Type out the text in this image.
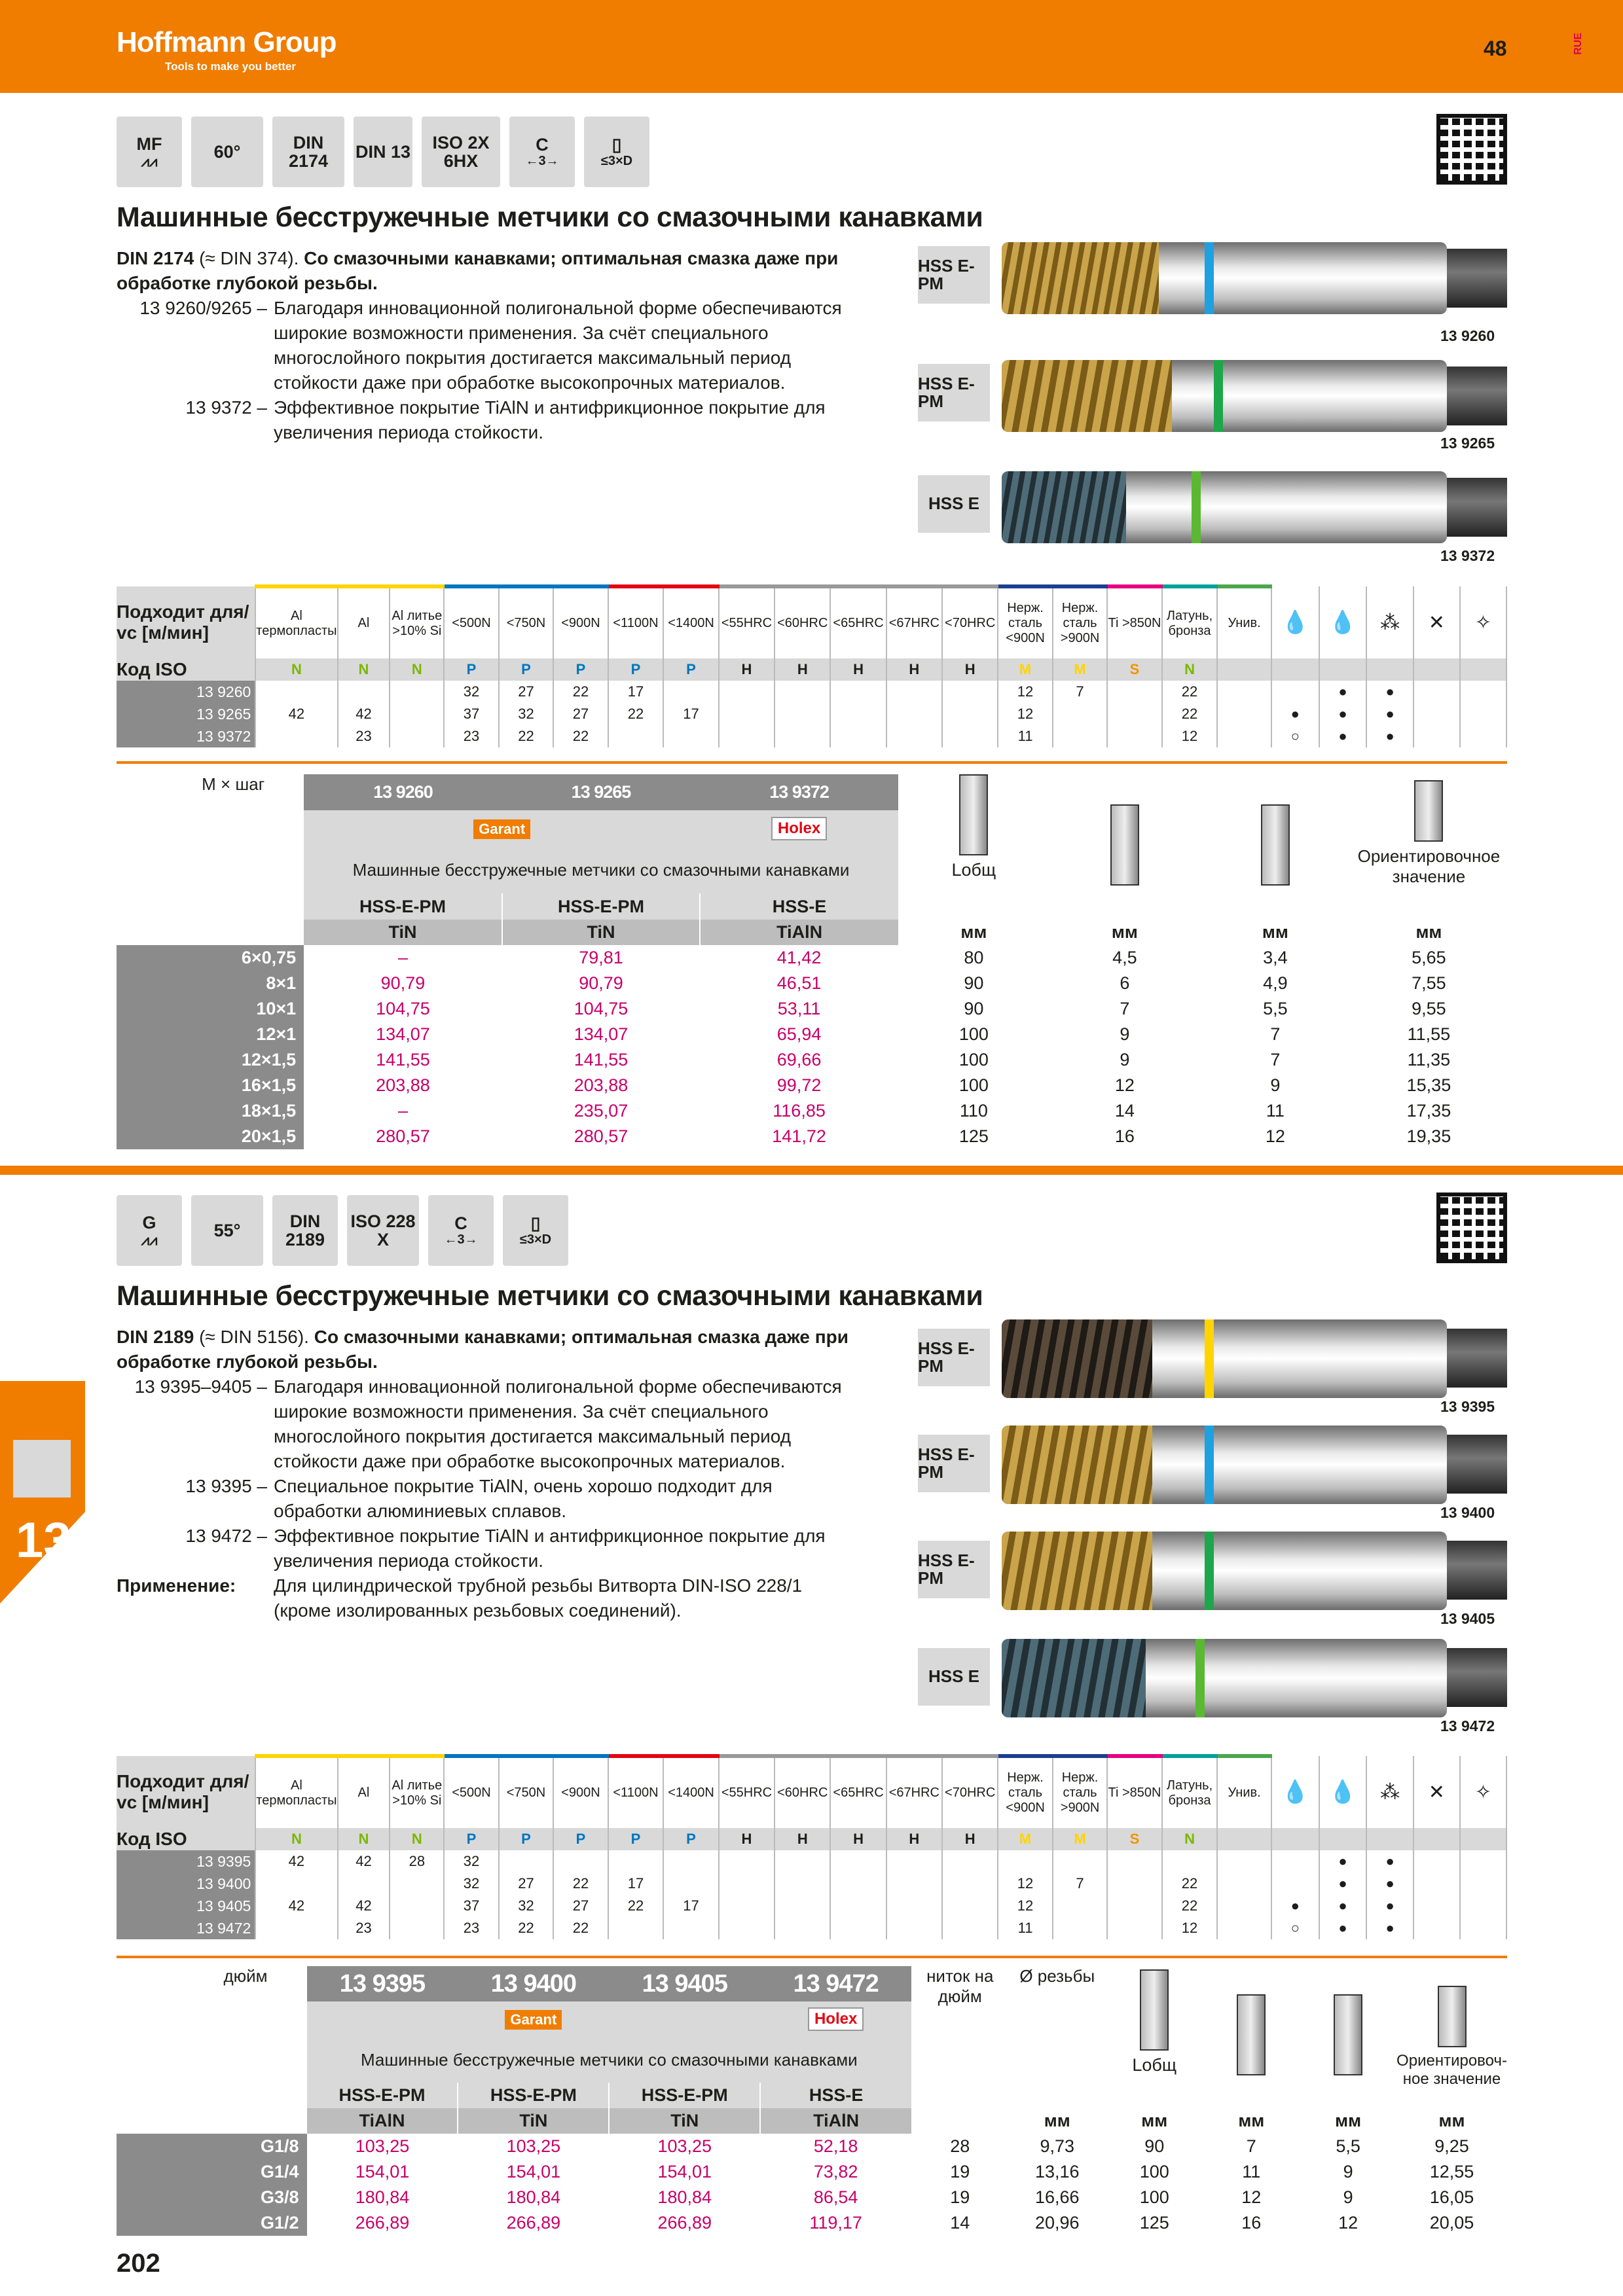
Hoffmann Group
Tools to make you better
48	RUE
13
MF
⩘⩘	60°	DIN 2174	DIN 13	ISO 2X 6HX
C
←3→
▯
≤3×D
Машинные бесстружечные метчики со смазочными канавками
DIN 2174 (≈ DIN 374). Со смазочными канавками; оптимальная смазка даже при обработке глубокой резьбы.
13 9260/9265 – Благодаря инновационной полигональной форме обеспечиваются широкие возможности применения. За счёт специального многослойного покрытия достигается максимальный период стойкости даже при обработке высокопрочных материалов.
13 9372 – Эффективное покрытие TiAlN и антифрикционное покрытие для увеличения периода стойкости.
HSS E-PM
13 9260
HSS E-PM
13 9265
HSS E
13 9372
Подходит для/
vc [м/мин]	Al термопласты	Al	Al литье >10% Si	<500N	<750N	<900N	<1100N	<1400N	<55HRC	<60HRC	<65HRC	<67HRC	<70HRC	Нерж. сталь <900N	Нерж. сталь >900N	Ti >850N	Латунь, бронза	Унив.	💧	💧	⁂	✕	✧
Код ISO	N	N	N	P	P	P	P	P	H	H	H	H	H	M	M	S	N						
13 9260				32	27	22	17							12	7		22			●	●		
13 9265	42	42		37	32	27	22	17						12			22		●	●	●		
13 9372		23		23	22	22								11			12		○	●	●		
M × шаг	13 9260	13 9265	13 9372	Lобщ			Ориентировочное значение
	Garant		Holex				
	Машинные бесстружечные метчики со смазочными канавками						
	HSS-E-PM	HSS-E-PM	HSS-E				
	TiN	TiN	TiAlN	мм	мм	мм	мм
6×0,75	–	79,81	41,42	80	4,5	3,4	5,65
8×1	90,79	90,79	46,51	90	6	4,9	7,55
10×1	104,75	104,75	53,11	90	7	5,5	9,55
12×1	134,07	134,07	65,94	100	9	7	11,55
12×1,5	141,55	141,55	69,66	100	9	7	11,35
16×1,5	203,88	203,88	99,72	100	12	9	15,35
18×1,5	–	235,07	116,85	110	14	11	17,35
20×1,5	280,57	280,57	141,72	125	16	12	19,35
G
⩘⩘	55°	DIN 2189
ISO 228 X
C
←3→
▯
≤3×D
Машинные бесстружечные метчики со смазочными канавками
DIN 2189 (≈ DIN 5156). Со смазочными канавками; оптимальная смазка даже при обработке глубокой резьбы.
13 9395–9405 – Благодаря инновационной полигональной форме обеспечиваются широкие возможности применения. За счёт специального многослойного покрытия достигается максимальный период стойкости даже при обработке высокопрочных материалов.
13 9395 – Специальное покрытие TiAlN, очень хорошо подходит для обработки алюминиевых сплавов.
13 9472 – Эффективное покрытие TiAlN и антифрикционное покрытие для увеличения периода стойкости.
Применение:	Для цилиндрической трубной резьбы Витворта DIN-ISO 228/1 (кроме изолированных резьбовых соединений).
HSS E-PM
13 9395
HSS E-PM
13 9400
HSS E-PM
13 9405
HSS E
13 9472
Подходит для/
vc [м/мин]	Al термопласты	Al	Al литье >10% Si	<500N	<750N	<900N	<1100N	<1400N	<55HRC	<60HRC	<65HRC	<67HRC	<70HRC	Нерж. сталь <900N	Нерж. сталь >900N	Ti >850N	Латунь, бронза	Унив.	💧	💧	⁂	✕	✧
Код ISO	N	N	N	P	P	P	P	P	H	H	H	H	H	M	M	S	N						
13 9395	42	42	28	32																●	●		
13 9400				32	27	22	17							12	7		22			●	●		
13 9405	42	42		37	32	27	22	17						12			22		●	●	●		
13 9472		23		23	22	22								11			12		○	●	●		
дюйм	13 9395	13 9400	13 9405	13 9472	ниток на дюйм	Ø резьбы	Lобщ			Ориентировоч-ное значение
	Garant			Holex						
	Машинные бесстружечные метчики со смазочными канавками									
	HSS-E-PM	HSS-E-PM	HSS-E-PM	HSS-E						
	TiAlN	TiN	TiN	TiAlN		мм	мм	мм	мм	мм
G1/8	103,25	103,25	103,25	52,18	28	9,73	90	7	5,5	9,25
G1/4	154,01	154,01	154,01	73,82	19	13,16	100	11	9	12,55
G3/8	180,84	180,84	180,84	86,54	19	16,66	100	12	9	16,05
G1/2	266,89	266,89	266,89	119,17	14	20,96	125	16	12	20,05
202
